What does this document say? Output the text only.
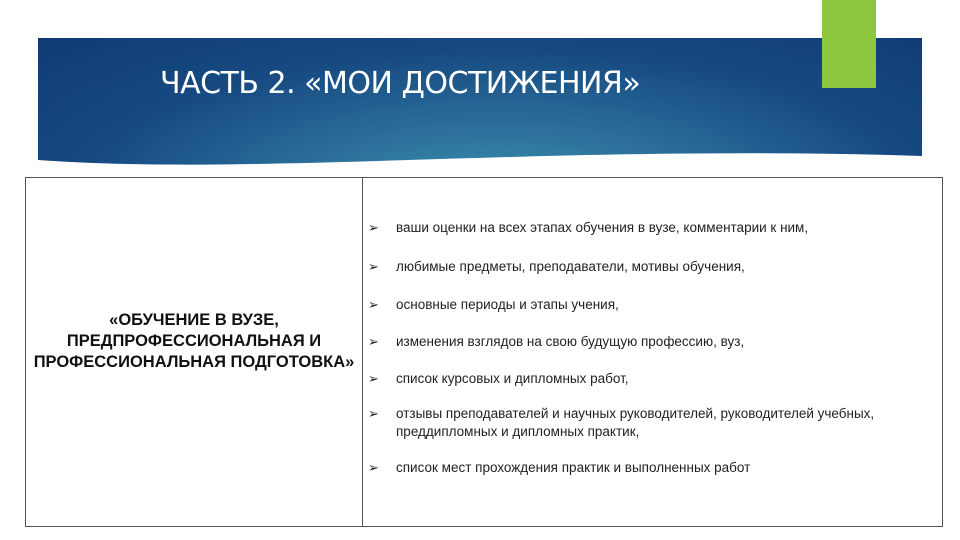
ЧАСТЬ 2. «МОИ ДОСТИЖЕНИЯ»

«ОБУЧЕНИЕ В ВУЗЕ, ПРЕДПРОФЕССИОНАЛЬНАЯ И ПРОФЕССИОНАЛЬНАЯ ПОДГОТОВКА»

➢ ваши оценки на всех этапах обучения в вузе, комментарии к ним,
➢ любимые предметы, преподаватели, мотивы обучения,
➢ основные периоды и этапы учения,
➢ изменения взглядов на свою будущую профессию, вуз,
➢ список курсовых и дипломных работ,
➢ отзывы преподавателей и научных руководителей, руководителей учебных, преддипломных и дипломных практик,
➢ список мест прохождения практик и выполненных работ
